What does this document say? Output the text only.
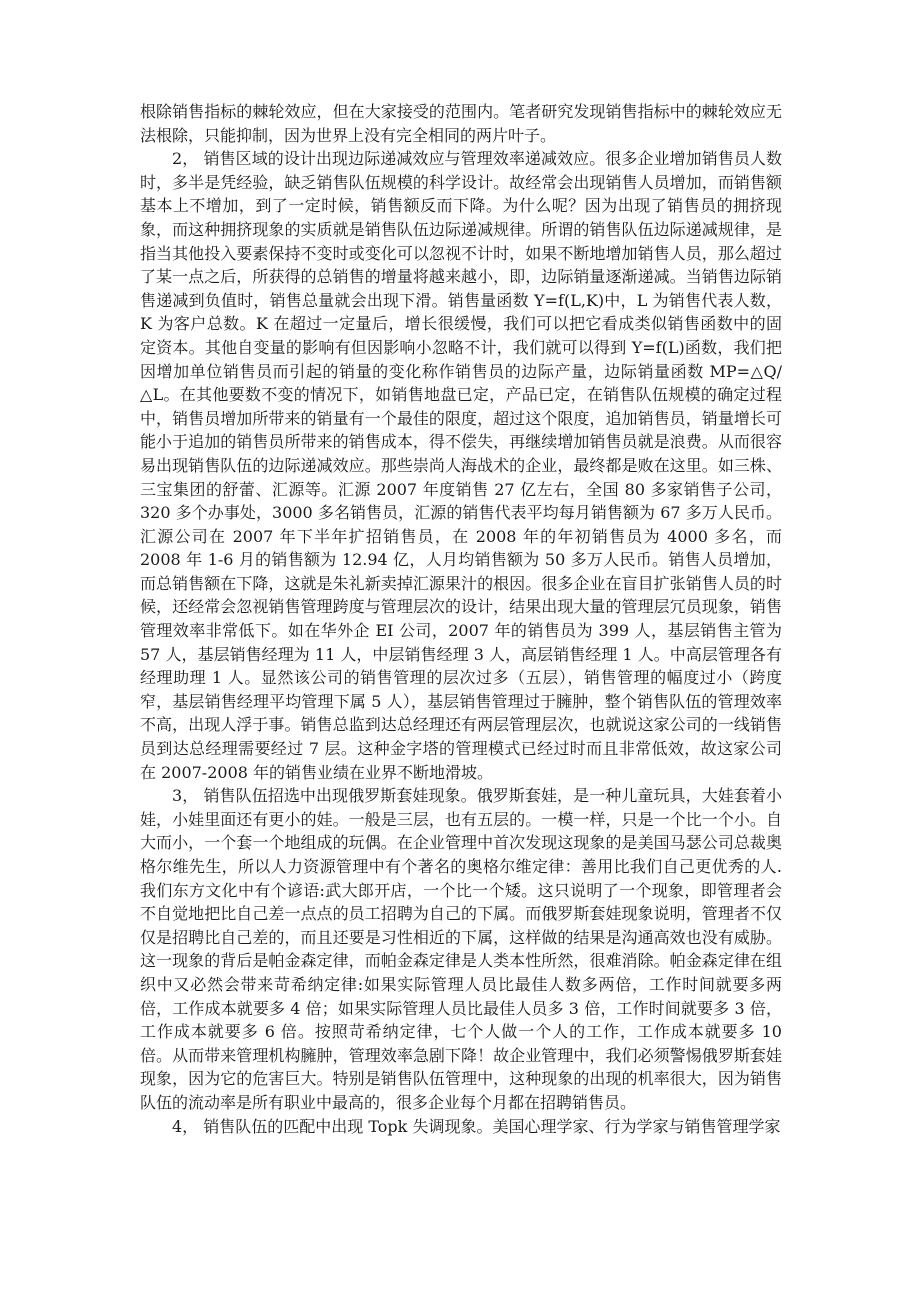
根除销售指标的棘轮效应，但在大家接受的范围内。笔者研究发现销售指标中的棘轮效应无法根除，只能抑制，因为世界上没有完全相同的两片叶子。

2， 销售区域的设计出现边际递减效应与管理效率递减效应。很多企业增加销售员人数时，多半是凭经验，缺乏销售队伍规模的科学设计。故经常会出现销售人员增加，而销售额基本上不增加，到了一定时候，销售额反而下降。为什么呢？因为出现了销售员的拥挤现象，而这种拥挤现象的实质就是销售队伍边际递减规律。所谓的销售队伍边际递减规律，是指当其他投入要素保持不变时或变化可以忽视不计时，如果不断地增加销售人员，那么超过了某一点之后，所获得的总销售的增量将越来越小，即，边际销量逐渐递减。当销售边际销售递减到负值时，销售总量就会出现下滑。销售量函数 Y=f(L,K)中，L 为销售代表人数，K 为客户总数。K 在超过一定量后，增长很缓慢，我们可以把它看成类似销售函数中的固定资本。其他自变量的影响有但因影响小忽略不计，我们就可以得到 Y=f(L)函数，我们把因增加单位销售员而引起的销量的变化称作销售员的边际产量，边际销量函数 MP=△Q/△L。在其他要数不变的情况下，如销售地盘已定，产品已定，在销售队伍规模的确定过程中，销售员增加所带来的销量有一个最佳的限度，超过这个限度，追加销售员，销量增长可能小于追加的销售员所带来的销售成本，得不偿失，再继续增加销售员就是浪费。从而很容易出现销售队伍的边际递减效应。那些崇尚人海战术的企业，最终都是败在这里。如三株、三宝集团的舒蕾、汇源等。汇源 2007 年度销售 27 亿左右，全国 80 多家销售子公司，320 多个办事处，3000 多名销售员，汇源的销售代表平均每月销售额为 67 多万人民币。汇源公司在 2007 年下半年扩招销售员，在 2008 年的年初销售员为 4000 多名，而 2008 年 1-6 月的销售额为 12.94 亿，人月均销售额为 50 多万人民币。销售人员增加，而总销售额在下降，这就是朱礼新卖掉汇源果汁的根因。很多企业在盲目扩张销售人员的时候，还经常会忽视销售管理跨度与管理层次的设计，结果出现大量的管理层冗员现象，销售管理效率非常低下。如在华外企 EI 公司，2007 年的销售员为 399 人，基层销售主管为 57 人，基层销售经理为 11 人，中层销售经理 3 人，高层销售经理 1 人。中高层管理各有经理助理 1 人。显然该公司的销售管理的层次过多（五层），销售管理的幅度过小（跨度窄，基层销售经理平均管理下属 5 人），基层销售管理过于臃肿，整个销售队伍的管理效率不高，出现人浮于事。销售总监到达总经理还有两层管理层次，也就说这家公司的一线销售员到达总经理需要经过 7 层。这种金字塔的管理模式已经过时而且非常低效，故这家公司在 2007-2008 年的销售业绩在业界不断地滑坡。

3， 销售队伍招选中出现俄罗斯套娃现象。俄罗斯套娃，是一种儿童玩具，大娃套着小娃，小娃里面还有更小的娃。一般是三层，也有五层的。一模一样，只是一个比一个小。自大而小，一个套一个地组成的玩偶。在企业管理中首次发现这现象的是美国马瑟公司总裁奥格尔维先生，所以人力资源管理中有个著名的奥格尔维定律：善用比我们自己更优秀的人.我们东方文化中有个谚语:武大郎开店，一个比一个矮。这只说明了一个现象，即管理者会不自觉地把比自己差一点点的员工招聘为自己的下属。而俄罗斯套娃现象说明，管理者不仅仅是招聘比自己差的，而且还要是习性相近的下属，这样做的结果是沟通高效也没有威胁。这一现象的背后是帕金森定律，而帕金森定律是人类本性所然，很难消除。帕金森定律在组织中又必然会带来苛希纳定律:如果实际管理人员比最佳人数多两倍，工作时间就要多两倍，工作成本就要多 4 倍；如果实际管理人员比最佳人员多 3 倍，工作时间就要多 3 倍，工作成本就要多 6 倍。按照苛希纳定律，七个人做一个人的工作，工作成本就要多 10 倍。从而带来管理机构臃肿，管理效率急剧下降！故企业管理中，我们必须警惕俄罗斯套娃现象，因为它的危害巨大。特别是销售队伍管理中，这种现象的出现的机率很大，因为销售队伍的流动率是所有职业中最高的，很多企业每个月都在招聘销售员。

4， 销售队伍的匹配中出现 Topk 失调现象。美国心理学家、行为学家与销售管理学家
